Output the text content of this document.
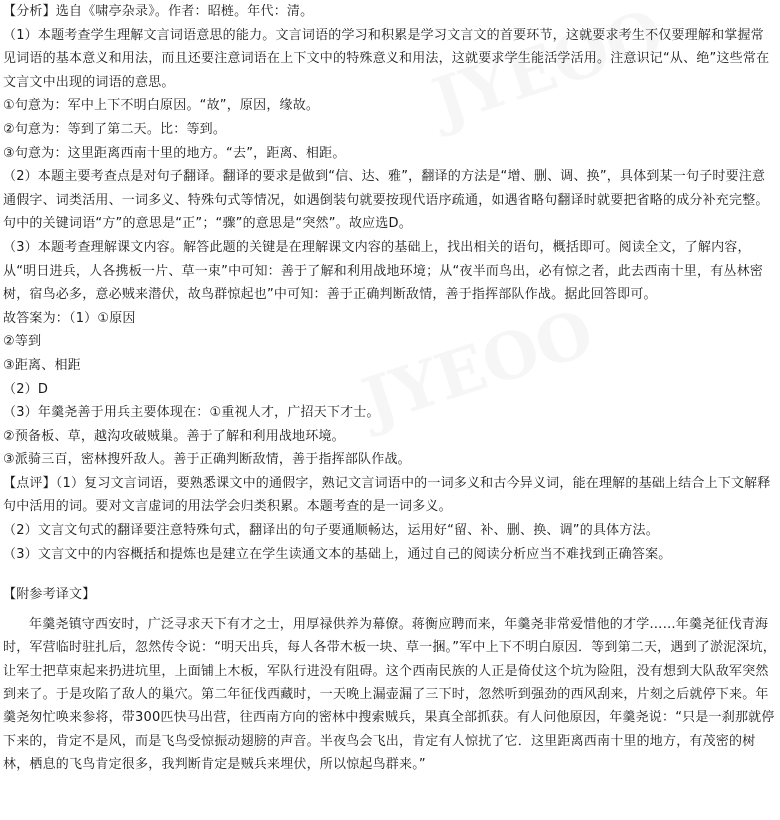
【分析】选自《啸亭杂录》。作者：昭梿。年代：清。
（1）本题考查学生理解文言词语意思的能力。文言词语的学习和积累是学习文言文的首要环节，这就要求考生不仅要理解和掌握常见词语的基本意义和用法，而且还要注意词语在上下文中的特殊意义和用法，这就要求学生能活学活用。注意识记“从、绝”这些常在文言文中出现的词语的意思。
①句意为：军中上下不明白原因。“故”，原因，缘故。
②句意为：等到了第二天。比：等到。
③句意为：这里距离西南十里的地方。“去”，距离、相距。
（2）本题主要考查点是对句子翻译。翻译的要求是做到“信、达、雅”，翻译的方法是“增、删、调、换”，具体到某一句子时要注意通假字、词类活用、一词多义、特殊句式等情况，如遇倒装句就要按现代语序疏通，如遇省略句翻译时就要把省略的成分补充完整。句中的关键词语“方”的意思是“正”；“骤”的意思是“突然”。故应选D。
（3）本题考查理解课文内容。解答此题的关键是在理解课文内容的基础上，找出相关的语句，概括即可。阅读全文，了解内容，从“明日进兵，人各携板一片、草一束”中可知：善于了解和利用战地环境；从“夜半而鸟出，必有惊之者，此去西南十里，有丛林密树，宿鸟必多，意必贼来潜伏，故鸟群惊起也”中可知：善于正确判断敌情，善于指挥部队作战。据此回答即可。
故答案为：（1）①原因
②等到
③距离、相距
（2）D
（3）年羹尧善于用兵主要体现在：①重视人才，广招天下才士。
②预备板、草，越沟攻破贼巢。善于了解和利用战地环境。
③派骑三百，密林搜歼敌人。善于正确判断敌情，善于指挥部队作战。
【点评】（1）复习文言词语，要熟悉课文中的通假字，熟记文言词语中的一词多义和古今异义词，能在理解的基础上结合上下文解释句中活用的词。要对文言虚词的用法学会归类积累。本题考查的是一词多义。
（2）文言文句式的翻译要注意特殊句式，翻译出的句子要通顺畅达，运用好“留、补、删、换、调”的具体方法。
（3）文言文中的内容概括和提炼也是建立在学生读通文本的基础上，通过自己的阅读分析应当不难找到正确答案。
【附参考译文】
年羹尧镇守西安时，广泛寻求天下有才之士，用厚禄供养为幕僚。蒋衡应聘而来，年羹尧非常爱惜他的才学……年羹尧征伐青海时，军营临时驻扎后，忽然传令说：“明天出兵，每人各带木板一块、草一捆。”军中上下不明白原因．等到第二天，遇到了淤泥深坑，让军士把草束起来扔进坑里，上面铺上木板，军队行进没有阻碍。这个西南民族的人正是倚仗这个坑为险阻，没有想到大队敌军突然到来了。于是攻陷了敌人的巢穴。第二年征伐西藏时，一天晚上漏壶漏了三下时，忽然听到强劲的西风刮来，片刻之后就停下来。年羹尧匆忙唤来参将，带300匹快马出营，往西南方向的密林中搜索贼兵，果真全部抓获。有人问他原因，年羹尧说：“只是一刹那就停下来的，肯定不是风，而是飞鸟受惊振动翅膀的声音。半夜鸟会飞出，肯定有人惊扰了它．这里距离西南十里的地方，有茂密的树林，栖息的飞鸟肯定很多，我判断肯定是贼兵来埋伏，所以惊起鸟群来。”
